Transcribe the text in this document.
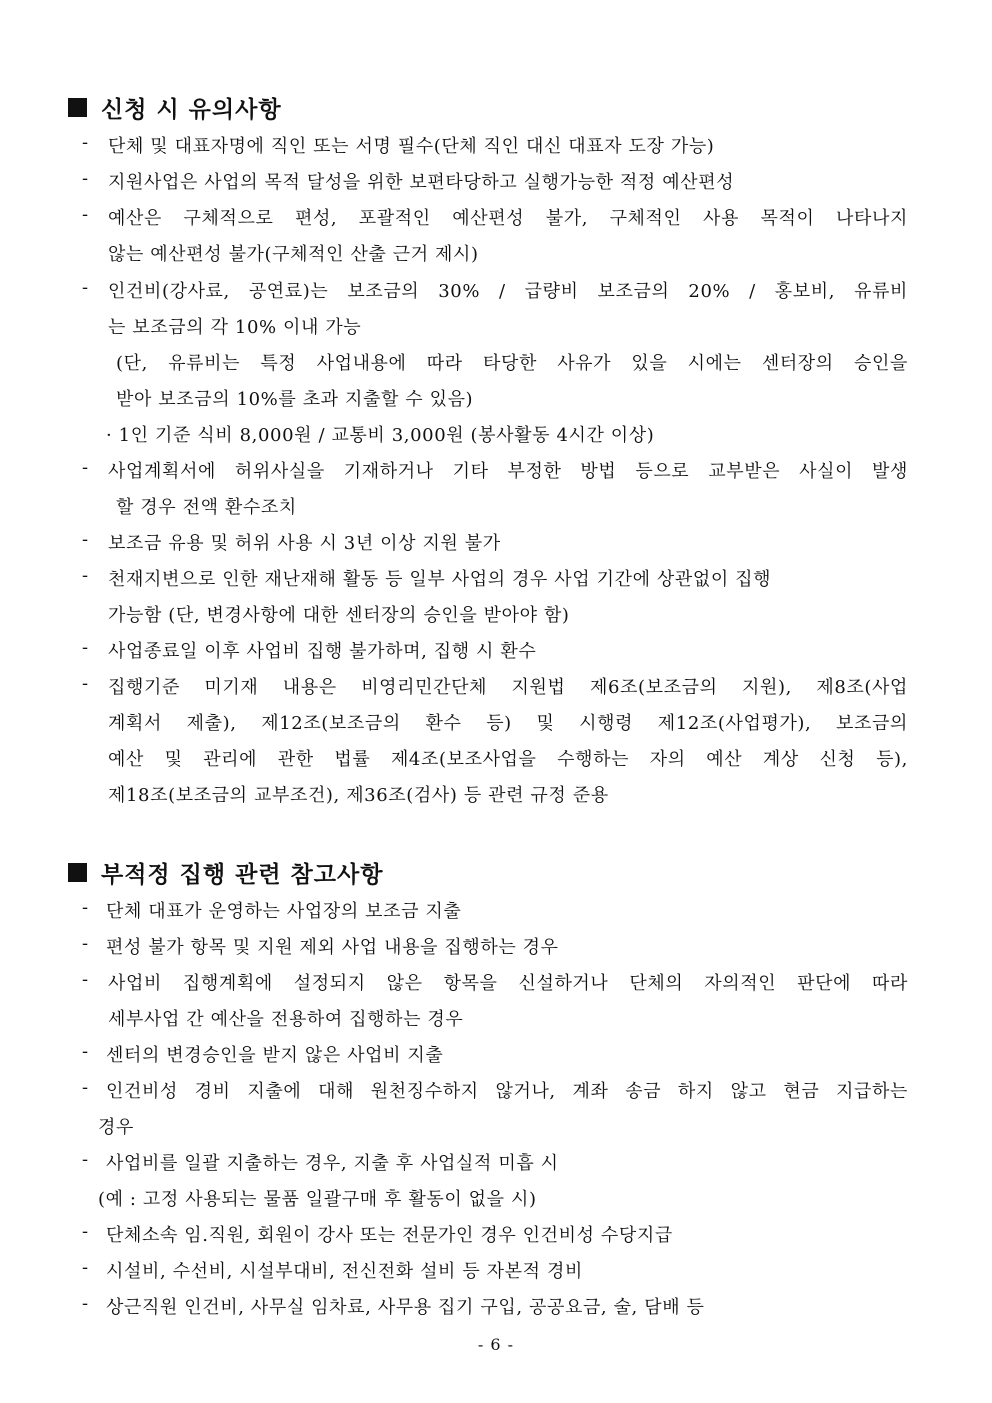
신청 시 유의사항
- 단체 및 대표자명에 직인 또는 서명 필수(단체 직인 대신 대표자 도장 가능)
- 지원사업은 사업의 목적 달성을 위한 보편타당하고 실행가능한 적정 예산편성
- 예산은 구체적으로 편성, 포괄적인 예산편성 불가, 구체적인 사용 목적이 나타나지
않는 예산편성 불가(구체적인 산출 근거 제시)
- 인건비(강사료, 공연료)는 보조금의 30% / 급량비 보조금의 20% / 홍보비, 유류비
는 보조금의 각 10% 이내 가능
(단, 유류비는 특정 사업내용에 따라 타당한 사유가 있을 시에는 센터장의 승인을
받아 보조금의 10%를 초과 지출할 수 있음)
· 1인 기준 식비 8,000원 / 교통비 3,000원 (봉사활동 4시간 이상)
- 사업계획서에 허위사실을 기재하거나 기타 부정한 방법 등으로 교부받은 사실이 발생
할 경우 전액 환수조치
- 보조금 유용 및 허위 사용 시 3년 이상 지원 불가
- 천재지변으로 인한 재난재해 활동 등 일부 사업의 경우 사업 기간에 상관없이 집행
가능함 (단, 변경사항에 대한 센터장의 승인을 받아야 함)
- 사업종료일 이후 사업비 집행 불가하며, 집행 시 환수
- 집행기준 미기재 내용은 비영리민간단체 지원법 제6조(보조금의 지원), 제8조(사업
계획서 제출), 제12조(보조금의 환수 등) 및 시행령 제12조(사업평가), 보조금의
예산 및 관리에 관한 법률 제4조(보조사업을 수행하는 자의 예산 계상 신청 등),
제18조(보조금의 교부조건), 제36조(검사) 등 관련 규정 준용
부적정 집행 관련 참고사항
- 단체 대표가 운영하는 사업장의 보조금 지출
- 편성 불가 항목 및 지원 제외 사업 내용을 집행하는 경우
- 사업비 집행계획에 설정되지 않은 항목을 신설하거나 단체의 자의적인 판단에 따라
세부사업 간 예산을 전용하여 집행하는 경우
- 센터의 변경승인을 받지 않은 사업비 지출
- 인건비성 경비 지출에 대해 원천징수하지 않거나, 계좌 송금 하지 않고 현금 지급하는
경우
- 사업비를 일괄 지출하는 경우, 지출 후 사업실적 미흡 시
(예 : 고정 사용되는 물품 일괄구매 후 활동이 없을 시)
- 단체소속 임.직원, 회원이 강사 또는 전문가인 경우 인건비성 수당지급
- 시설비, 수선비, 시설부대비, 전신전화 설비 등 자본적 경비
- 상근직원 인건비, 사무실 임차료, 사무용 집기 구입, 공공요금, 술, 담배 등
- 6 -
